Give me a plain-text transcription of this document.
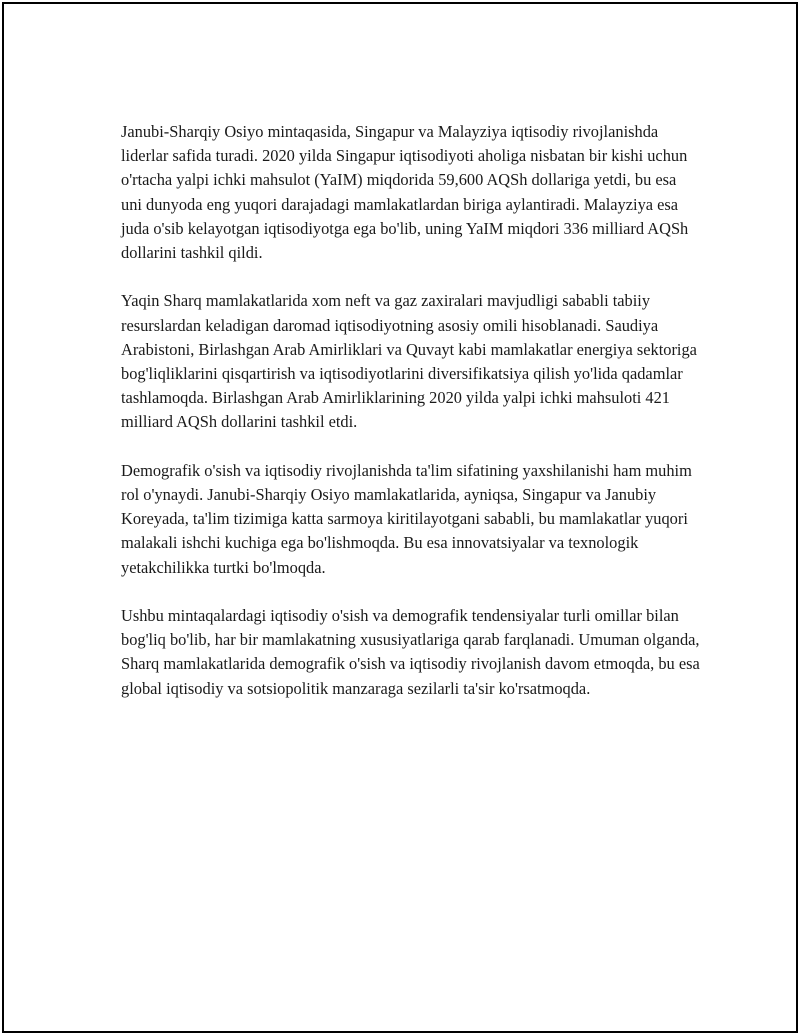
Janubi-Sharqiy Osiyo mintaqasida, Singapur va Malayziya iqtisodiy rivojlanishda liderlar safida turadi. 2020 yilda Singapur iqtisodiyoti aholiga nisbatan bir kishi uchun o'rtacha yalpi ichki mahsulot (YaIM) miqdorida 59,600 AQSh dollariga yetdi, bu esa uni dunyoda eng yuqori darajadagi mamlakatlardan biriga aylantiradi. Malayziya esa juda o'sib kelayotgan iqtisodiyotga ega bo'lib, uning YaIM miqdori 336 milliard AQSh dollarini tashkil qildi.

Yaqin Sharq mamlakatlarida xom neft va gaz zaxiralari mavjudligi sababli tabiiy resurslardan keladigan daromad iqtisodiyotning asosiy omili hisoblanadi. Saudiya Arabistoni, Birlashgan Arab Amirliklari va Quvayt kabi mamlakatlar energiya sektoriga bog'liqliklarini qisqartirish va iqtisodiyotlarini diversifikatsiya qilish yo'lida qadamlar tashlamoqda. Birlashgan Arab Amirliklarining 2020 yilda yalpi ichki mahsuloti 421 milliard AQSh dollarini tashkil etdi.

Demografik o'sish va iqtisodiy rivojlanishda ta'lim sifatining yaxshilanishi ham muhim rol o'ynaydi. Janubi-Sharqiy Osiyo mamlakatlarida, ayniqsa, Singapur va Janubiy Koreyada, ta'lim tizimiga katta sarmoya kiritilayotgani sababli, bu mamlakatlar yuqori malakali ishchi kuchiga ega bo'lishmoqda. Bu esa innovatsiyalar va texnologik yetakchilikka turtki bo'lmoqda.

Ushbu mintaqalardagi iqtisodiy o'sish va demografik tendensiyalar turli omillar bilan bog'liq bo'lib, har bir mamlakatning xususiyatlariga qarab farqlanadi. Umuman olganda, Sharq mamlakatlarida demografik o'sish va iqtisodiy rivojlanish davom etmoqda, bu esa global iqtisodiy va sotsiopolitik manzaraga sezilarli ta'sir ko'rsatmoqda.
